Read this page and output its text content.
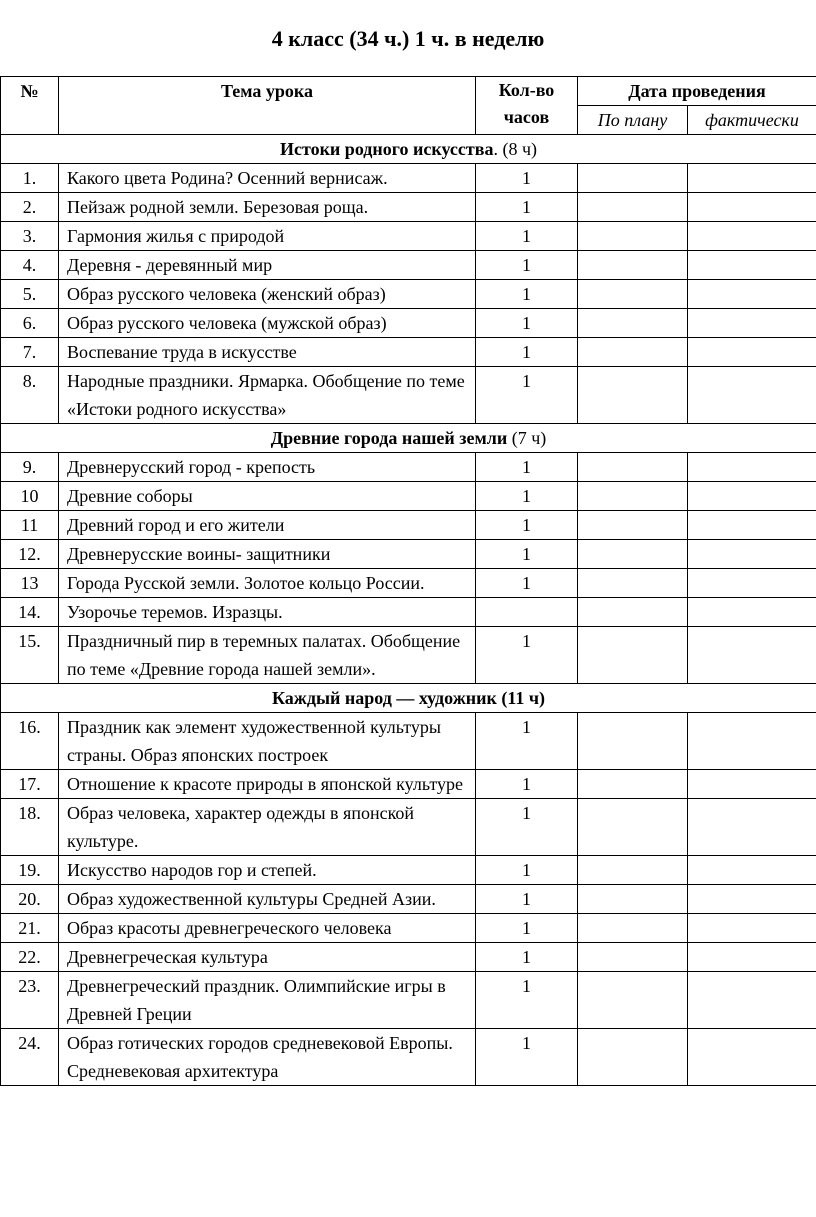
4 класс (34 ч.) 1 ч. в неделю
№	Тема урока	Кол-во часов	Дата проведения	
			По плану	фактически
Истоки родного искусства. (8 ч)				
1.	Какого цвета Родина? Осенний вернисаж.	1		
2.	Пейзаж родной земли. Березовая роща.	1		
3.	Гармония жилья с природой	1		
4.	Деревня - деревянный мир	1		
5.	Образ русского человека (женский образ)	1		
6.	Образ русского человека (мужской образ)	1		
7.	Воспевание труда в искусстве	1		
8.	Народные праздники. Ярмарка. Обобщение по теме «Истоки родного искусства»	1		
Древние города нашей земли (7 ч)				
9.	Древнерусский город - крепость	1		
10	Древние соборы	1		
11	Древний город и его жители	1		
12.	Древнерусские воины- защитники	1		
13	Города Русской земли. Золотое кольцо России.	1		
14.	Узорочье теремов. Изразцы.			
15.	Праздничный пир в теремных палатах. Обобщение по теме «Древние города нашей земли».	1		
Каждый народ — художник (11 ч)				
16.	Праздник как элемент художественной культуры страны. Образ японских построек	1		
17.	Отношение к красоте природы в японской культуре	1		
18.	Образ человека, характер одежды в японской культуре.	1		
19.	Искусство народов гор и степей.	1		
20.	Образ художественной культуры Средней Азии.	1		
21.	Образ красоты древнегреческого человека	1		
22.	Древнегреческая культура	1		
23.	Древнегреческий праздник. Олимпийские игры в Древней Греции	1		
24.	Образ готических городов средневековой Европы. Средневековая архитектура	1		
